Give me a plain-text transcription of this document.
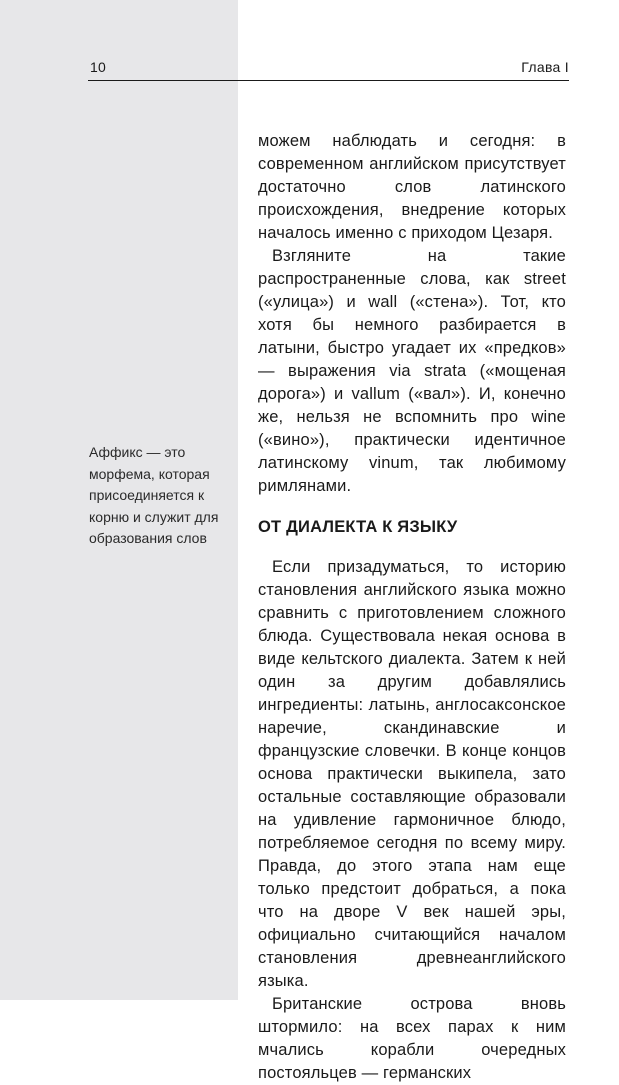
10	Глава I

Аффикс — это морфема, которая присоединяется к корню и служит для образования слов

можем наблюдать и сегодня: в современном английском присутствует достаточно слов латинского происхождения, внедрение которых началось именно с приходом Цезаря.

Взгляните на такие распространенные слова, как street («улица») и wall («стена»). Тот, кто хотя бы немного разбирается в латыни, быстро угадает их «предков» — выражения via strata («мощеная дорога») и vallum («вал»). И, конечно же, нельзя не вспомнить про wine («вино»), практически идентичное латинскому vinum, так любимому римлянами.

ОТ ДИАЛЕКТА К ЯЗЫКУ

Если призадуматься, то историю становления английского языка можно сравнить с приготовлением сложного блюда. Существовала некая основа в виде кельтского диалекта. Затем к ней один за другим добавлялись ингредиенты: латынь, англосаксонское наречие, скандинавские и французские словечки. В конце концов основа практически выкипела, зато остальные составляющие образовали на удивление гармоничное блюдо, потребляемое сегодня по всему миру. Правда, до этого этапа нам еще только предстоит добраться, а пока что на дворе V век нашей эры, официально считающийся началом становления древнеанглийского языка.

Британские острова вновь штормило: на всех парах к ним мчались корабли очередных постояльцев — германских
